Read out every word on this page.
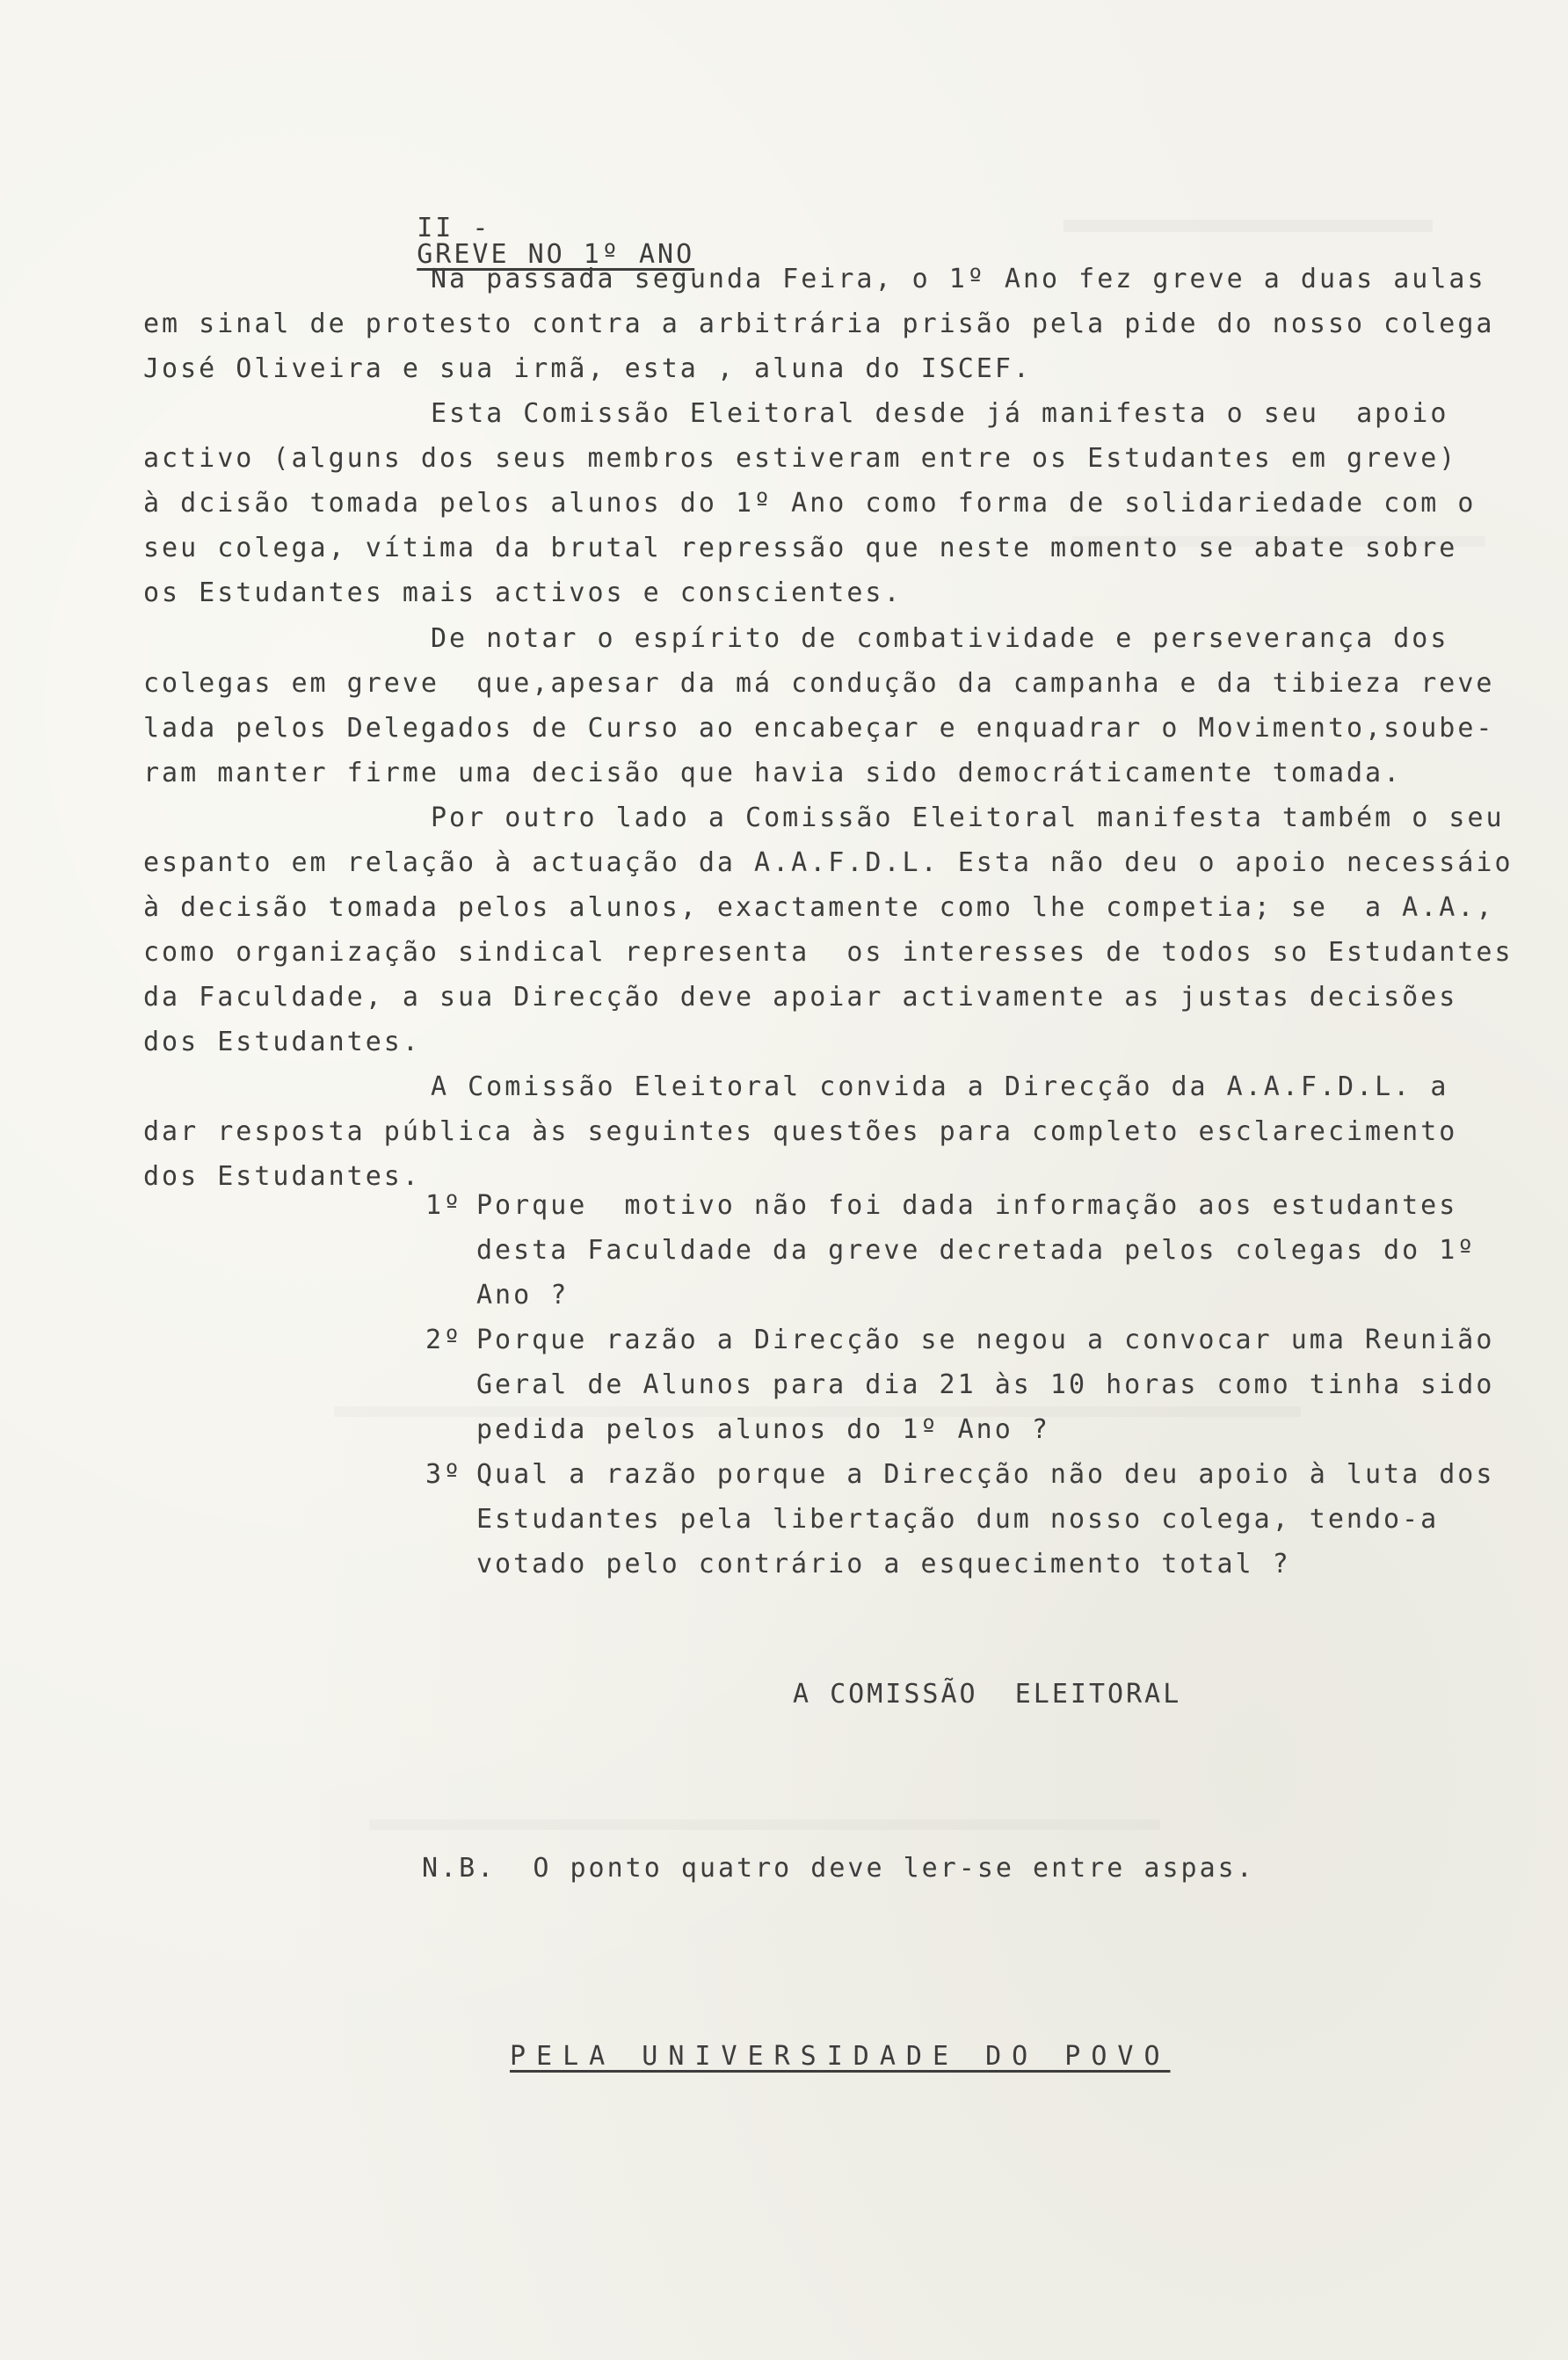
II -
GREVE NO 1º ANO

Na passada segunda Feira, o 1º Ano fez greve a duas aulas
em sinal de protesto contra a arbitrária prisão pela pide do nosso colega
José Oliveira e sua irmã, esta , aluna do ISCEF.
Esta Comissão Eleitoral desde já manifesta o seu  apoio
activo (alguns dos seus membros estiveram entre os Estudantes em greve)
à dcisão tomada pelos alunos do 1º Ano como forma de solidariedade com o
seu colega, vítima da brutal repressão que neste momento se abate sobre
os Estudantes mais activos e conscientes.
De notar o espírito de combatividade e perseverança dos
colegas em greve  que,apesar da má condução da campanha e da tibieza reve
lada pelos Delegados de Curso ao encabeçar e enquadrar o Movimento,soube-
ram manter firme uma decisão que havia sido democráticamente tomada.
Por outro lado a Comissão Eleitoral manifesta também o seu
espanto em relação à actuação da A.A.F.D.L. Esta não deu o apoio necessáio
à decisão tomada pelos alunos, exactamente como lhe competia; se  a A.A.,
como organização sindical representa  os interesses de todos so Estudantes
da Faculdade, a sua Direcção deve apoiar activamente as justas decisões
dos Estudantes.
A Comissão Eleitoral convida a Direcção da A.A.F.D.L. a
dar resposta pública às seguintes questões para completo esclarecimento
dos Estudantes.
1º Porque  motivo não foi dada informação aos estudantes
desta Faculdade da greve decretada pelos colegas do 1º
Ano ?
2º Porque razão a Direcção se negou a convocar uma Reunião
Geral de Alunos para dia 21 às 10 horas como tinha sido
pedida pelos alunos do 1º Ano ?
3º Qual a razão porque a Direcção não deu apoio à luta dos
Estudantes pela libertação dum nosso colega, tendo-a
votado pelo contrário a esquecimento total ?
A COMISSÃO  ELEITORAL
N.B.  O ponto quatro deve ler-se entre aspas.
PELA UNIVERSIDADE DO POVO
